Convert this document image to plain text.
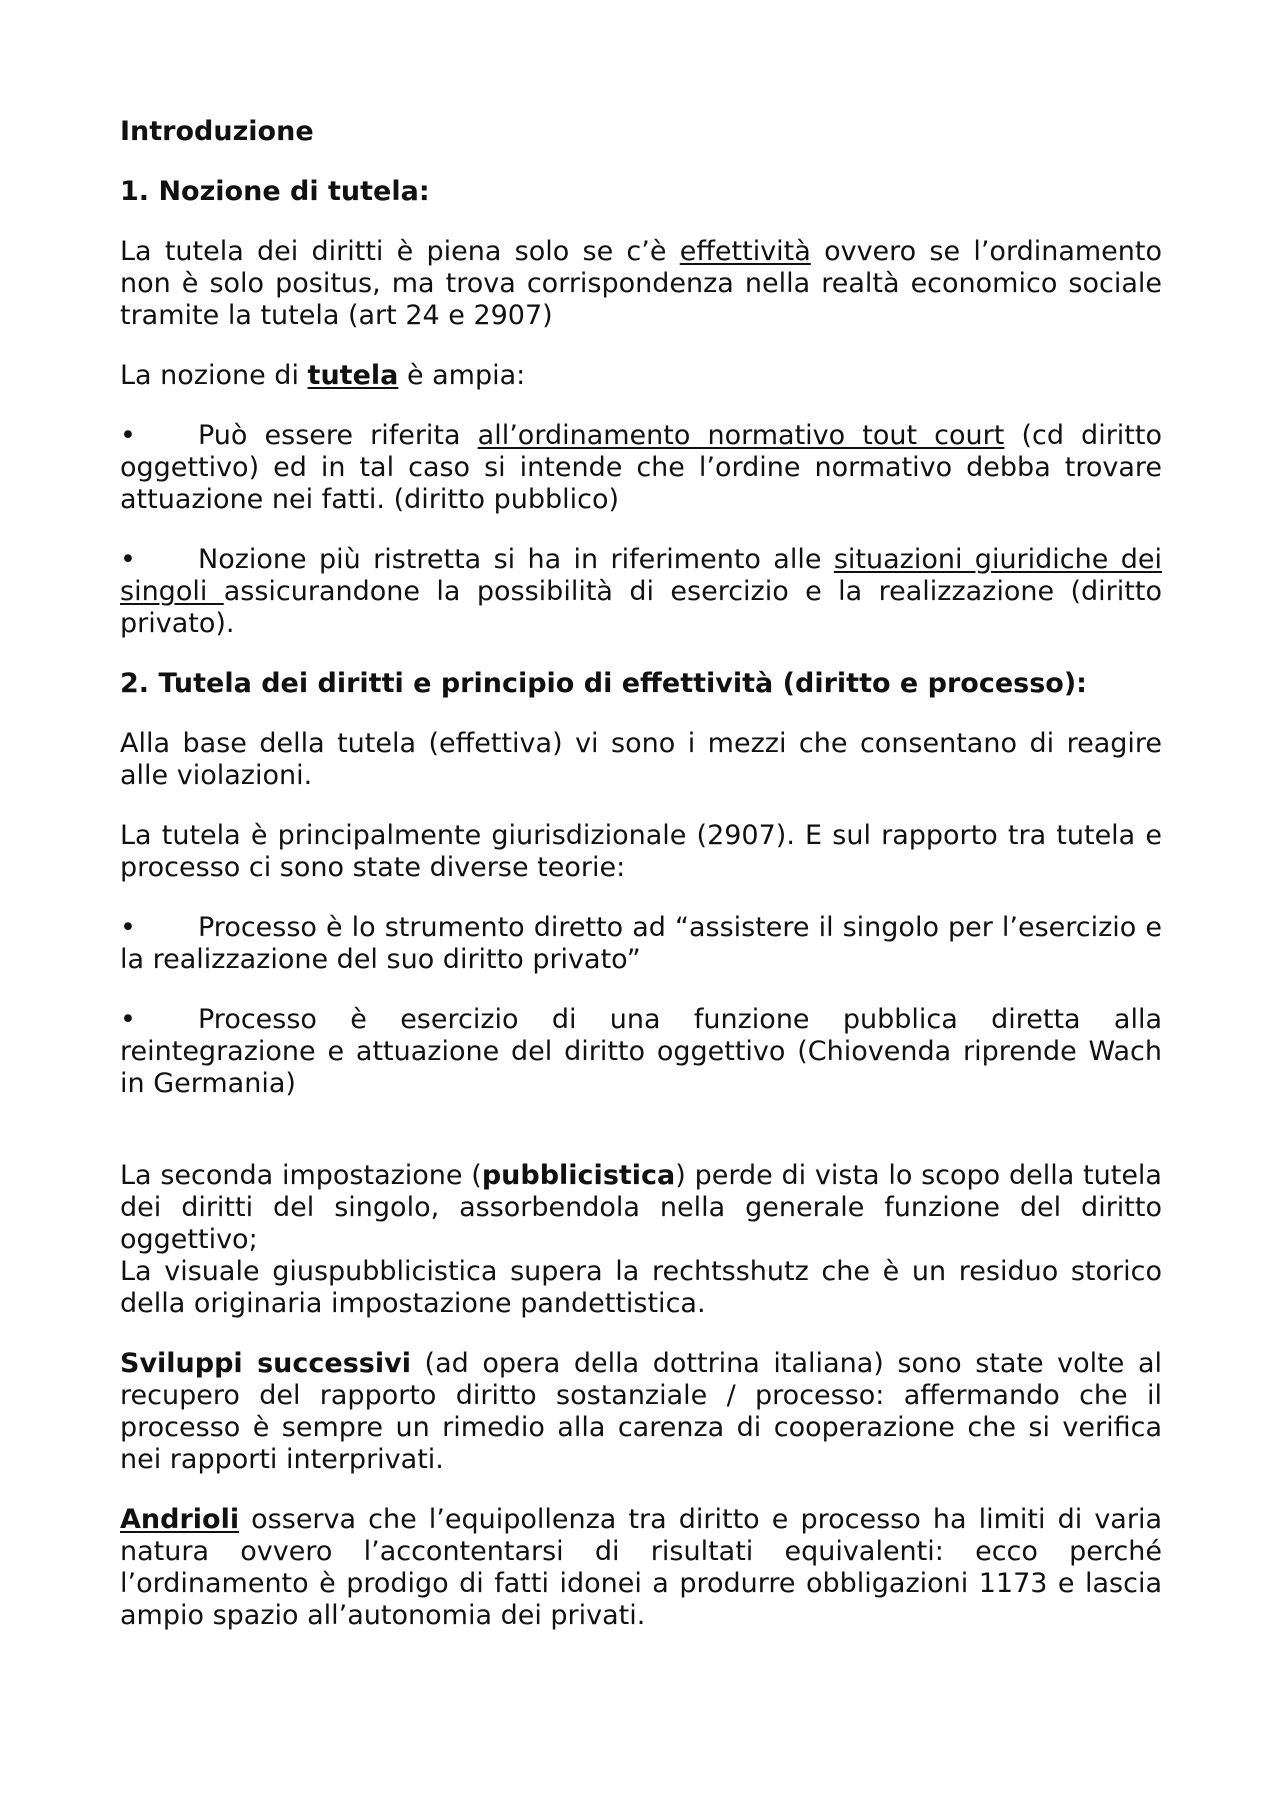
Introduzione

1. Nozione di tutela:

La tutela dei diritti è piena solo se c’è effettività ovvero se l’ordinamento non è solo positus, ma trova corrispondenza nella realtà economico sociale tramite la tutela (art 24 e 2907)

La nozione di tutela è ampia:

• Può essere riferita all’ordinamento normativo tout court (cd diritto oggettivo) ed in tal caso si intende che l’ordine normativo debba trovare attuazione nei fatti. (diritto pubblico)

• Nozione più ristretta si ha in riferimento alle situazioni giuridiche dei singoli assicurandone la possibilità di esercizio e la realizzazione (diritto privato).

2. Tutela dei diritti e principio di effettività (diritto e processo):

Alla base della tutela (effettiva) vi sono i mezzi che consentano di reagire alle violazioni.

La tutela è principalmente giurisdizionale (2907). E sul rapporto tra tutela e processo ci sono state diverse teorie:

• Processo è lo strumento diretto ad “assistere il singolo per l’esercizio e la realizzazione del suo diritto privato”

• Processo è esercizio di una funzione pubblica diretta alla reintegrazione e attuazione del diritto oggettivo (Chiovenda riprende Wach in Germania)

La seconda impostazione (pubblicistica) perde di vista lo scopo della tutela dei diritti del singolo, assorbendola nella generale funzione del diritto oggettivo;

La visuale giuspubblicistica supera la rechtsshutz che è un residuo storico della originaria impostazione pandettistica.

Sviluppi successivi (ad opera della dottrina italiana) sono state volte al recupero del rapporto diritto sostanziale / processo: affermando che il processo è sempre un rimedio alla carenza di cooperazione che si verifica nei rapporti interprivati.

Andrioli osserva che l’equipollenza tra diritto e processo ha limiti di varia natura ovvero l’accontentarsi di risultati equivalenti: ecco perché l’ordinamento è prodigo di fatti idonei a produrre obbligazioni 1173 e lascia ampio spazio all’autonomia dei privati.
